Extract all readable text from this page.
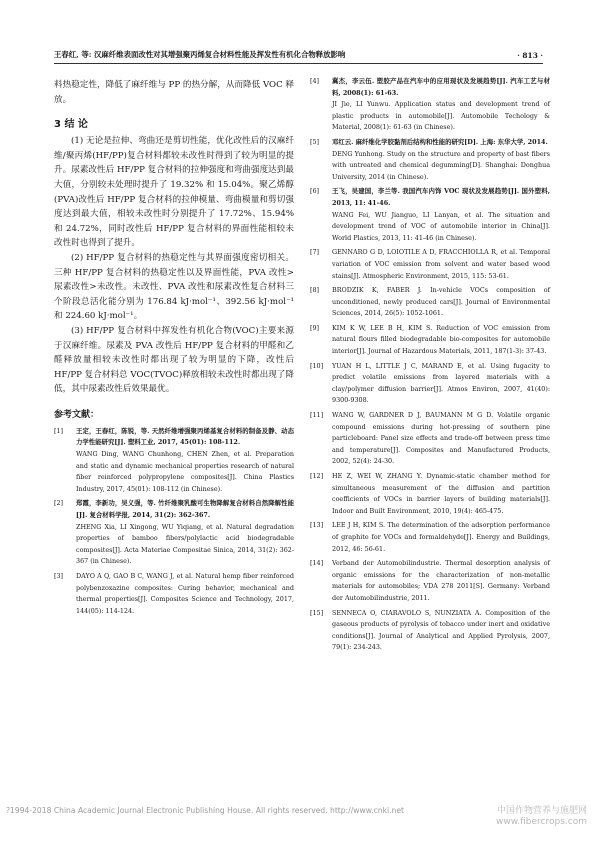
王春红, 等: 汉麻纤维表面改性对其增强聚丙烯复合材料性能及挥发性有机化合物释放影响	· 813 ·

料热稳定性，降低了麻纤维与 PP 的热分解，从而降低 VOC 释放。

3 结 论

(1) 无论是拉伸、弯曲还是剪切性能，优化改性后的汉麻纤维/聚丙烯(HF/PP)复合材料都较未改性时得到了较为明显的提升。尿素改性后 HF/PP 复合材料的拉伸强度和弯曲强度达到最大值，分别较未处理时提升了 19.32% 和 15.04%。聚乙烯醇(PVA)改性后 HF/PP 复合材料的拉伸模量、弯曲模量和剪切强度达到最大值，相较未改性时分别提升了 17.72%、15.94% 和 24.72%，同时改性后 HF/PP 复合材料的界面性能相较未改性时也得到了提升。

(2) HF/PP 复合材料的热稳定性与其界面强度密切相关。三种 HF/PP 复合材料的热稳定性以及界面性能，PVA 改性>尿素改性>未改性。未改性、PVA 改性和尿素改性复合材料三个阶段总活化能分别为 176.84 kJ·mol⁻¹、392.56 kJ·mol⁻¹ 和 224.60 kJ·mol⁻¹。

(3) HF/PP 复合材料中挥发性有机化合物(VOC)主要来源于汉麻纤维。尿素及 PVA 改性后 HF/PP 复合材料的甲醛和乙醛释放量相较未改性时都出现了较为明显的下降，改性后 HF/PP 复合材料总 VOC(TVOC)释放相较未改性时都出现了降低，其中尿素改性后效果最优。

参考文献：
[1]	王定，王春红，陈锐，等. 天然纤维增强聚丙烯基复合材料的制备及静、动态力学性能研究[J]. 塑料工业, 2017, 45(01): 108-112.
WANG Ding, WANG Chunhong, CHEN Zhen, et al. Preparation and static and dynamic mechanical properties research of natural fiber reinforced polypropylene composites[J]. China Plastics Industry, 2017, 45(01): 108-112 (in Chinese).
[2]	郑霞，李新功，吴义强，等. 竹纤维聚乳酸可生物降解复合材料自然降解性能[J]. 复合材料学报, 2014, 31(2): 362-367.
ZHENG Xia, LI Xingong, WU Yiqiang, et al. Natural degradation properties of bamboo fibers/polylactic acid biodegradable composites[J]. Acta Materiae Compositae Sinica, 2014, 31(2): 362-367 (in Chinese).
[3]	DAYO A Q, GAO B C, WANG J, et al. Natural hemp fiber reinforced polybenzoxazine composites: Curing behavior, mechanical and thermal properties[J]. Composites Science and Technology, 2017, 144(05): 114-124.
[4]	冀杰，李云伍. 塑胶产品在汽车中的应用现状及发展趋势[J]. 汽车工艺与材料, 2008(1): 61-63.
JI Jie, LI Yunwu. Application status and development trend of plastic products in automobile[J]. Automobile Techology & Material, 2008(1): 61-63 (in Chinese).
[5]	邓红云. 麻纤维化学胶黏剂后结构和性能的研究[D]. 上海: 东华大学, 2014.
DENG Yunhong. Study on the structure and property of bast fibers with untreated and chemical degumming[D]. Shanghai: Donghua University, 2014 (in Chinese).
[6]	王飞，吴建国，李兰等. 我国汽车内饰 VOC 现状及发展趋势[J]. 国外塑料, 2013, 11: 41-46.
WANG Fei, WU Jianguo, LI Lanyan, et al. The situation and development trend of VOC of automobile interior in China[J]. World Plastics, 2013, 11: 41-46 (in Chinese).
[7]	GENNARO G D, LOIOTILE A D, FRACCHIOLLA R, et al. Temporal variation of VOC emission from solvent and water based wood stains[J]. Atmospheric Environment, 2015, 115: 53-61.
[8]	BRODZIK K, FABER J. In-vehicle VOCs composition of unconditioned, newly produced cars[J]. Journal of Environmental Sciences, 2014, 26(5): 1052-1061.
[9]	KIM K W, LEE B H, KIM S. Reduction of VOC emission from natural flours filled biodegradable bio-composites for automobile interior[J]. Journal of Hazardous Materials, 2011, 187(1-3): 37-43.
[10]	YUAN H L, LITTLE J C, MARAND E, et al. Using fugacity to predict volatile emissions from layered materials with a clay/polymer diffusion barrier[J]. Atmos Environ, 2007, 41(40): 9300-9308.
[11]	WANG W, GARDNER D J, BAUMANN M G D. Volatile organic compound emissions during hot-pressing of southern pine particleboard: Panel size effects and trade-off between press time and temperature[J]. Composites and Manufactured Products, 2002, 52(4): 24-30.
[12]	HE Z, WEI W, ZHANG Y. Dynamic-static chamber method for simultaneous measurement of the diffusion and partition coefficients of VOCs in barrier layers of building materials[J]. Indoor and Built Environment, 2010, 19(4): 465-475.
[13]	LEE J H, KIM S. The determination of the adsorption performance of graphite for VOCs and formaldehyde[J]. Energy and Buildings, 2012, 46: 56-61.
[14]	Verband der Automobilindustrie. Thermal desorption analysis of organic emissions for the characterization of non-metallic materials for automobiles; VDA 278 2011[S]. Germany: Verband der Automobilindustrie, 2011.
[15]	SENNECA O, CIARAVOLO S, NUNZIATA A. Composition of the gaseous products of pyrolysis of tobacco under inert and oxidative conditions[J]. Journal of Analytical and Applied Pyrolysis, 2007, 79(1): 234-243.
?1994-2018 China Academic Journal Electronic Publishing House. All rights reserved. http://www.cnki.net	中国作物营养与施肥网
www.fibercrops.com
